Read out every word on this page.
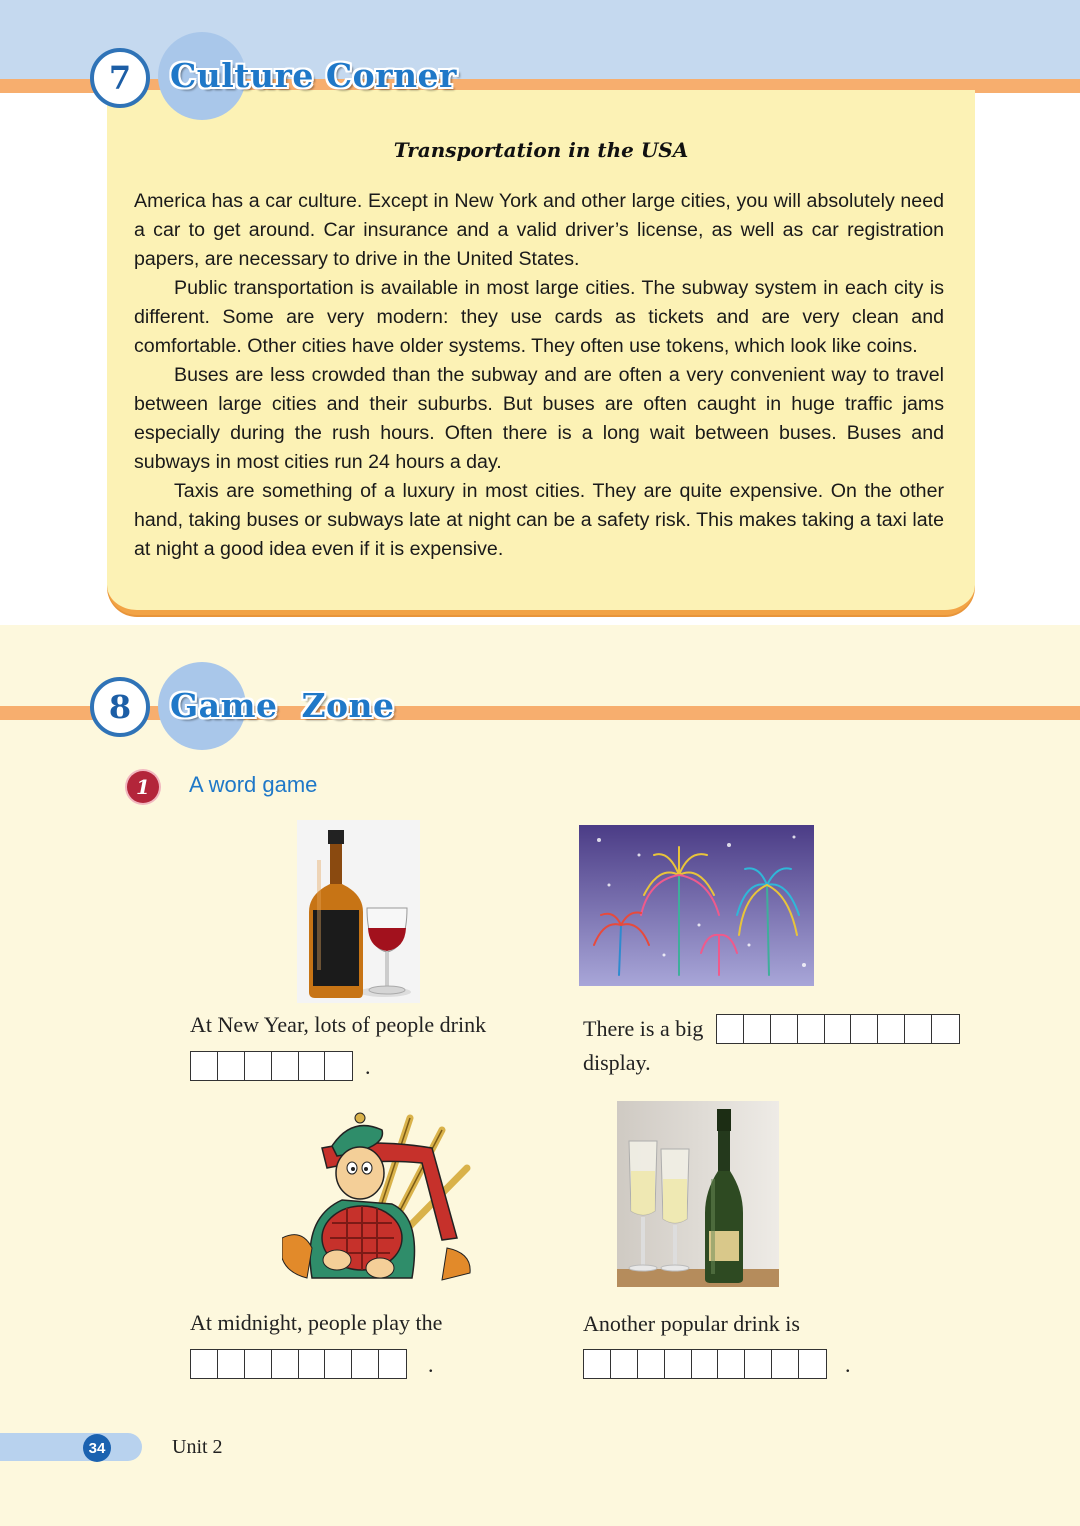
Transportation in the USA

America has a car culture. Except in New York and other large cities, you will absolutely need a car to get around. Car insurance and a valid driver’s license, as well as car registration papers, are necessary to drive in the United States.

Public transportation is available in most large cities. The subway system in each city is different. Some are very modern: they use cards as tickets and are very clean and comfortable. Other cities have older systems. They often use tokens, which look like coins.

Buses are less crowded than the subway and are often a very convenient way to travel between large cities and their suburbs. But buses are often caught in huge traffic jams especially during the rush hours. Often there is a long wait between buses. Buses and subways in most cities run 24 hours a day.

Taxis are something of a luxury in most cities. They are quite expensive. On the other hand, taking buses or subways late at night can be a safety risk. This makes taking a taxi late at night a good idea even if it is expensive.

7	Culture Corner
8	Game  Zone
1	A word game
At New Year, lots of people drink
.
There is a big
display.
At midnight, people play the
.
Another popular drink is
.
34	Unit 2
